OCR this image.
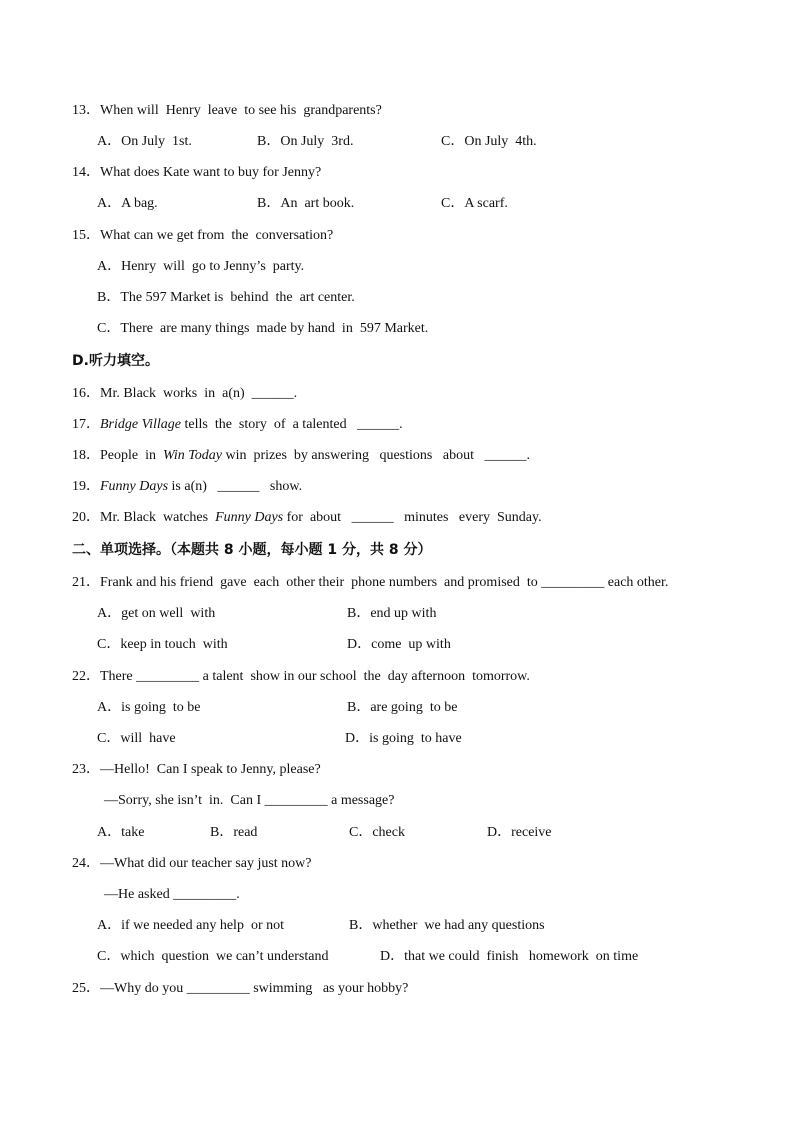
13．When will  Henry  leave  to see his  grandparents?
A．On July  1st.	B．On July  3rd.	C．On July  4th.
14．What does Kate want to buy for Jenny?
A．A bag.	B．An  art book.	C．A scarf.
15．What can we get from  the  conversation?
A．Henry  will  go to Jenny’s  party.
B．The 597 Market is  behind  the  art center.
C．There  are many things  made by hand  in  597 Market.
D.听力填空。
16．Mr. Black  works  in  a(n)  ______.
17．Bridge Village tells  the  story  of  a talented   ______.
18．People  in  Win Today win  prizes  by answering   questions   about   ______.
19．Funny Days is a(n)   ______   show.
20．Mr. Black  watches  Funny Days for  about   ______   minutes   every  Sunday.
二、单项选择。（本题共 8 小题，每小题 1 分，共 8 分）
21．Frank and his friend  gave  each  other their  phone numbers  and promised  to _________ each other.
A．get on well  with	B．end up with
C．keep in touch  with	D．come  up with
22．There _________ a talent  show in our school  the  day afternoon  tomorrow.
A．is going  to be	B．are going  to be
C．will  have	D．is going  to have
23．—Hello!  Can I speak to Jenny, please?
—Sorry, she isn’t  in.  Can I _________ a message?
A．take	B．read	C．check	D．receive
24．—What did our teacher say just now?
—He asked _________.
A．if we needed any help  or not	B．whether  we had any questions
C．which  question  we can’t understand	D．that we could  finish   homework  on time
25．—Why do you _________ swimming   as your hobby?
